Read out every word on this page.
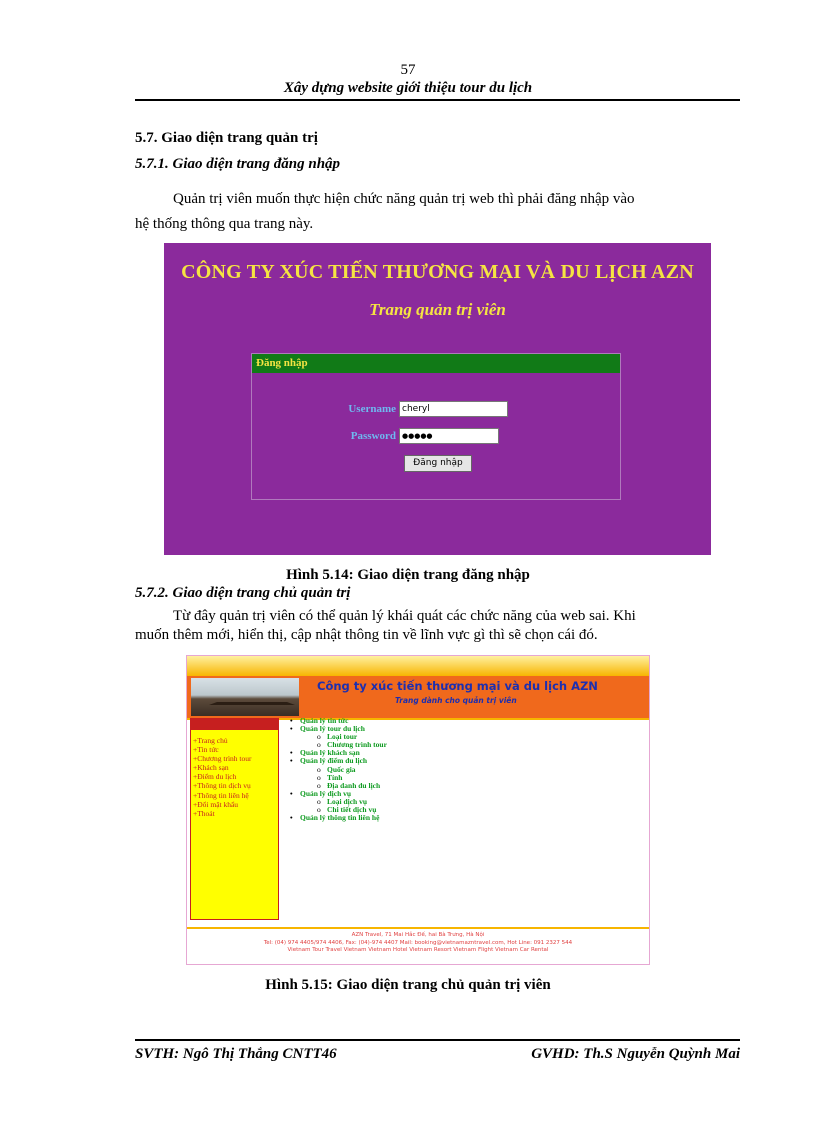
57
Xây dựng website giới thiệu tour du lịch
5.7. Giao diện trang quản trị
5.7.1. Giao diện trang đăng nhập
Quản trị viên muốn thực hiện chức năng quản trị web thì phải đăng nhập vào
hệ thống thông qua trang này.
CÔNG TY XÚC TIẾN THƯƠNG MẠI VÀ DU LỊCH AZN
Trang quản trị viên
Đăng nhập
Username cheryl
Password ●●●●●
Đăng nhập
Hình 5.14: Giao diện trang đăng nhập
5.7.2. Giao diện trang chủ quản trị
Từ đây quản trị viên có thể quản lý khái quát các chức năng của web sai. Khi
muốn thêm mới, hiển thị, cập nhật thông tin về lĩnh vực gì thì sẽ chọn cái đó.
Công ty xúc tiến thương mại và du lịch AZN
Trang dành cho quản trị viên
+Trang chủ
+Tin tức
+Chương trình tour
+Khách sạn
+Điểm du lịch
+Thông tin dịch vụ
+Thông tin liên hệ
+Đổi mật khẩu
+Thoát
• Quản lý tin tức
• Quản lý tour du lịch
o Loại tour
o Chương trình tour
• Quản lý khách sạn
• Quản lý điểm du lịch
o Quốc gia
o Tỉnh
o Địa danh du lịch
• Quản lý dịch vụ
o Loại dịch vụ
o Chi tiết dịch vụ
• Quản lý thông tin liên hệ
AZN Travel, 71 Mai Hắc Đế, hai Bà Trưng, Hà Nội
Tel: (04) 974 4405/974 4406, Fax: (04)-974 4407 Mail: booking@vietnamazntravel.com, Hot Line: 091 2327 544
Vietnam Tour Travel Vietnam Vietnam Hotel Vietnam Resort Vietnam Flight Vietnam Car Rental
Hình 5.15: Giao diện trang chủ quản trị viên
SVTH: Ngô Thị Thắng CNTT46	GVHD: Th.S Nguyễn Quỳnh Mai
